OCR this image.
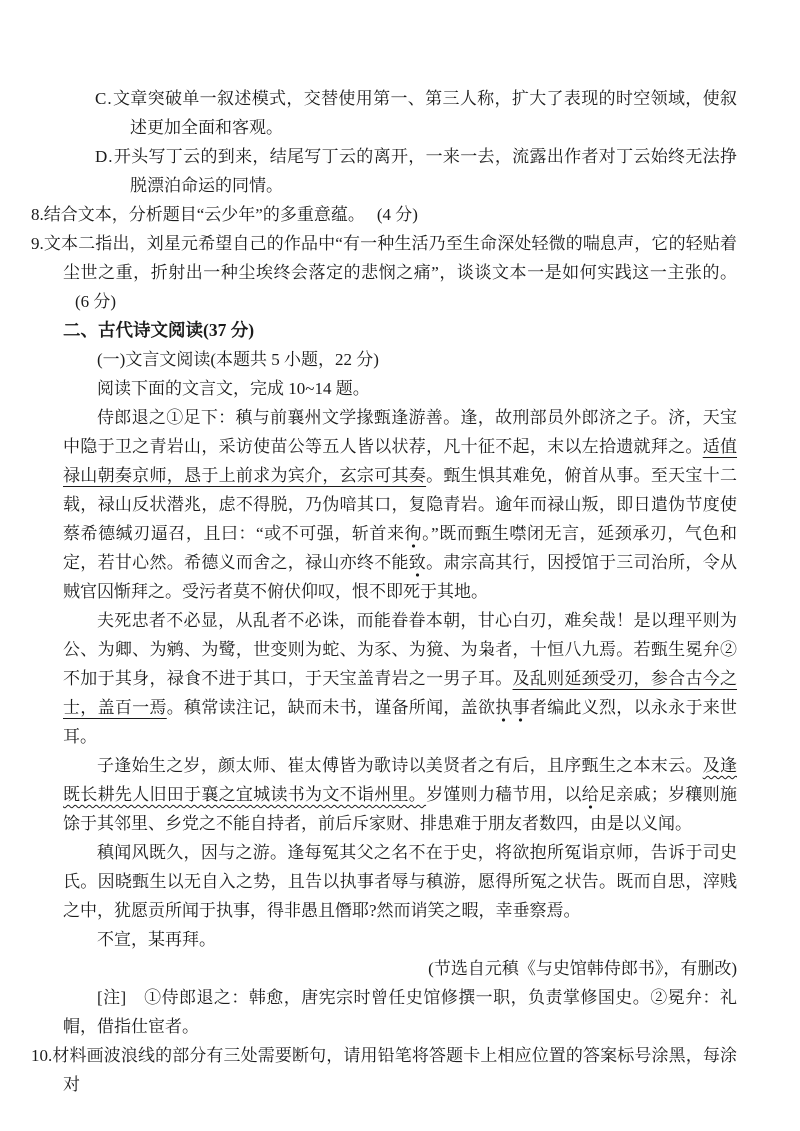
C.文章突破单一叙述模式，交替使用第一、第三人称，扩大了表现的时空领域，使叙述更加全面和客观。
D.开头写丁云的到来，结尾写丁云的离开，一来一去，流露出作者对丁云始终无法挣脱漂泊命运的同情。

8.结合文本，分析题目“云少年”的多重意蕴。 (4 分)

9.文本二指出，刘星元希望自己的作品中“有一种生活乃至生命深处轻微的喘息声，它的轻贴着尘世之重，折射出一种尘埃终会落定的悲悯之痛”，谈谈文本一是如何实践这一主张的。(6 分)

二、古代诗文阅读(37 分)

(一)文言文阅读(本题共 5 小题，22 分)

阅读下面的文言文，完成 10~14 题。

侍郎退之①足下：稹与前襄州文学掾甄逢游善。逢，故刑部员外郎济之子。济，天宝中隐于卫之青岩山，采访使苗公等五人皆以状荐，凡十征不起，末以左拾遗就拜之。适值禄山朝奏京师，恳于上前求为宾介，玄宗可其奏。甄生惧其难免，俯首从事。至天宝十二载，禄山反状潜兆，虑不得脱，乃伪喑其口，复隐青岩。逾年而禄山叛，即日遣伪节度使蔡希德缄刃逼召，且曰：“或不可强，斩首来徇。”既而甄生噤闭无言，延颈承刃，气色和定，若甘心然。希德义而舍之，禄山亦终不能致。肃宗高其行，因授馆于三司治所，令从贼官囚惭拜之。受污者莫不俯伏仰叹，恨不即死于其地。

夫死忠者不必显，从乱者不必诛，而能眷眷本朝，甘心白刃，难矣哉！是以理平则为公、为卿、为鹓、为鹭，世变则为蛇、为豕、为獍、为枭者，十恒八九焉。若甄生冕弁②不加于其身，禄食不进于其口，于天宝盖青岩之一男子耳。及乱则延颈受刃，参合古今之士，盖百一焉。稹常读注记，缺而未书，谨备所闻，盖欲执事者编此义烈，以永永于来世耳。

子逢始生之岁，颜太师、崔太傅皆为歌诗以美贤者之有后，且序甄生之本末云。及逢既长耕先人旧田于襄之宜城读书为文不诣州里。岁馑则力穑节用，以给足亲戚；岁穰则施馀于其邻里、乡党之不能自持者，前后斥家财、排患难于朋友者数四，由是以义闻。

稹闻风既久，因与之游。逢每冤其父之名不在于史，将欲抱所冤诣京师，告诉于司史氏。因晓甄生以无自入之势，且告以执事者辱与稹游，愿得所冤之状告。既而自思，滓贱之中，犹愿贡所闻于执事，得非愚且僭耶?然而诮笑之暇，幸垂察焉。

不宣，某再拜。

(节选自元稹《与史馆韩侍郎书》，有删改)

[注]　①侍郎退之：韩愈，唐宪宗时曾任史馆修撰一职，负责掌修国史。②冕弁：礼帽，借指仕宦者。

10.材料画波浪线的部分有三处需要断句，请用铅笔将答题卡上相应位置的答案标号涂黑，每涂对
